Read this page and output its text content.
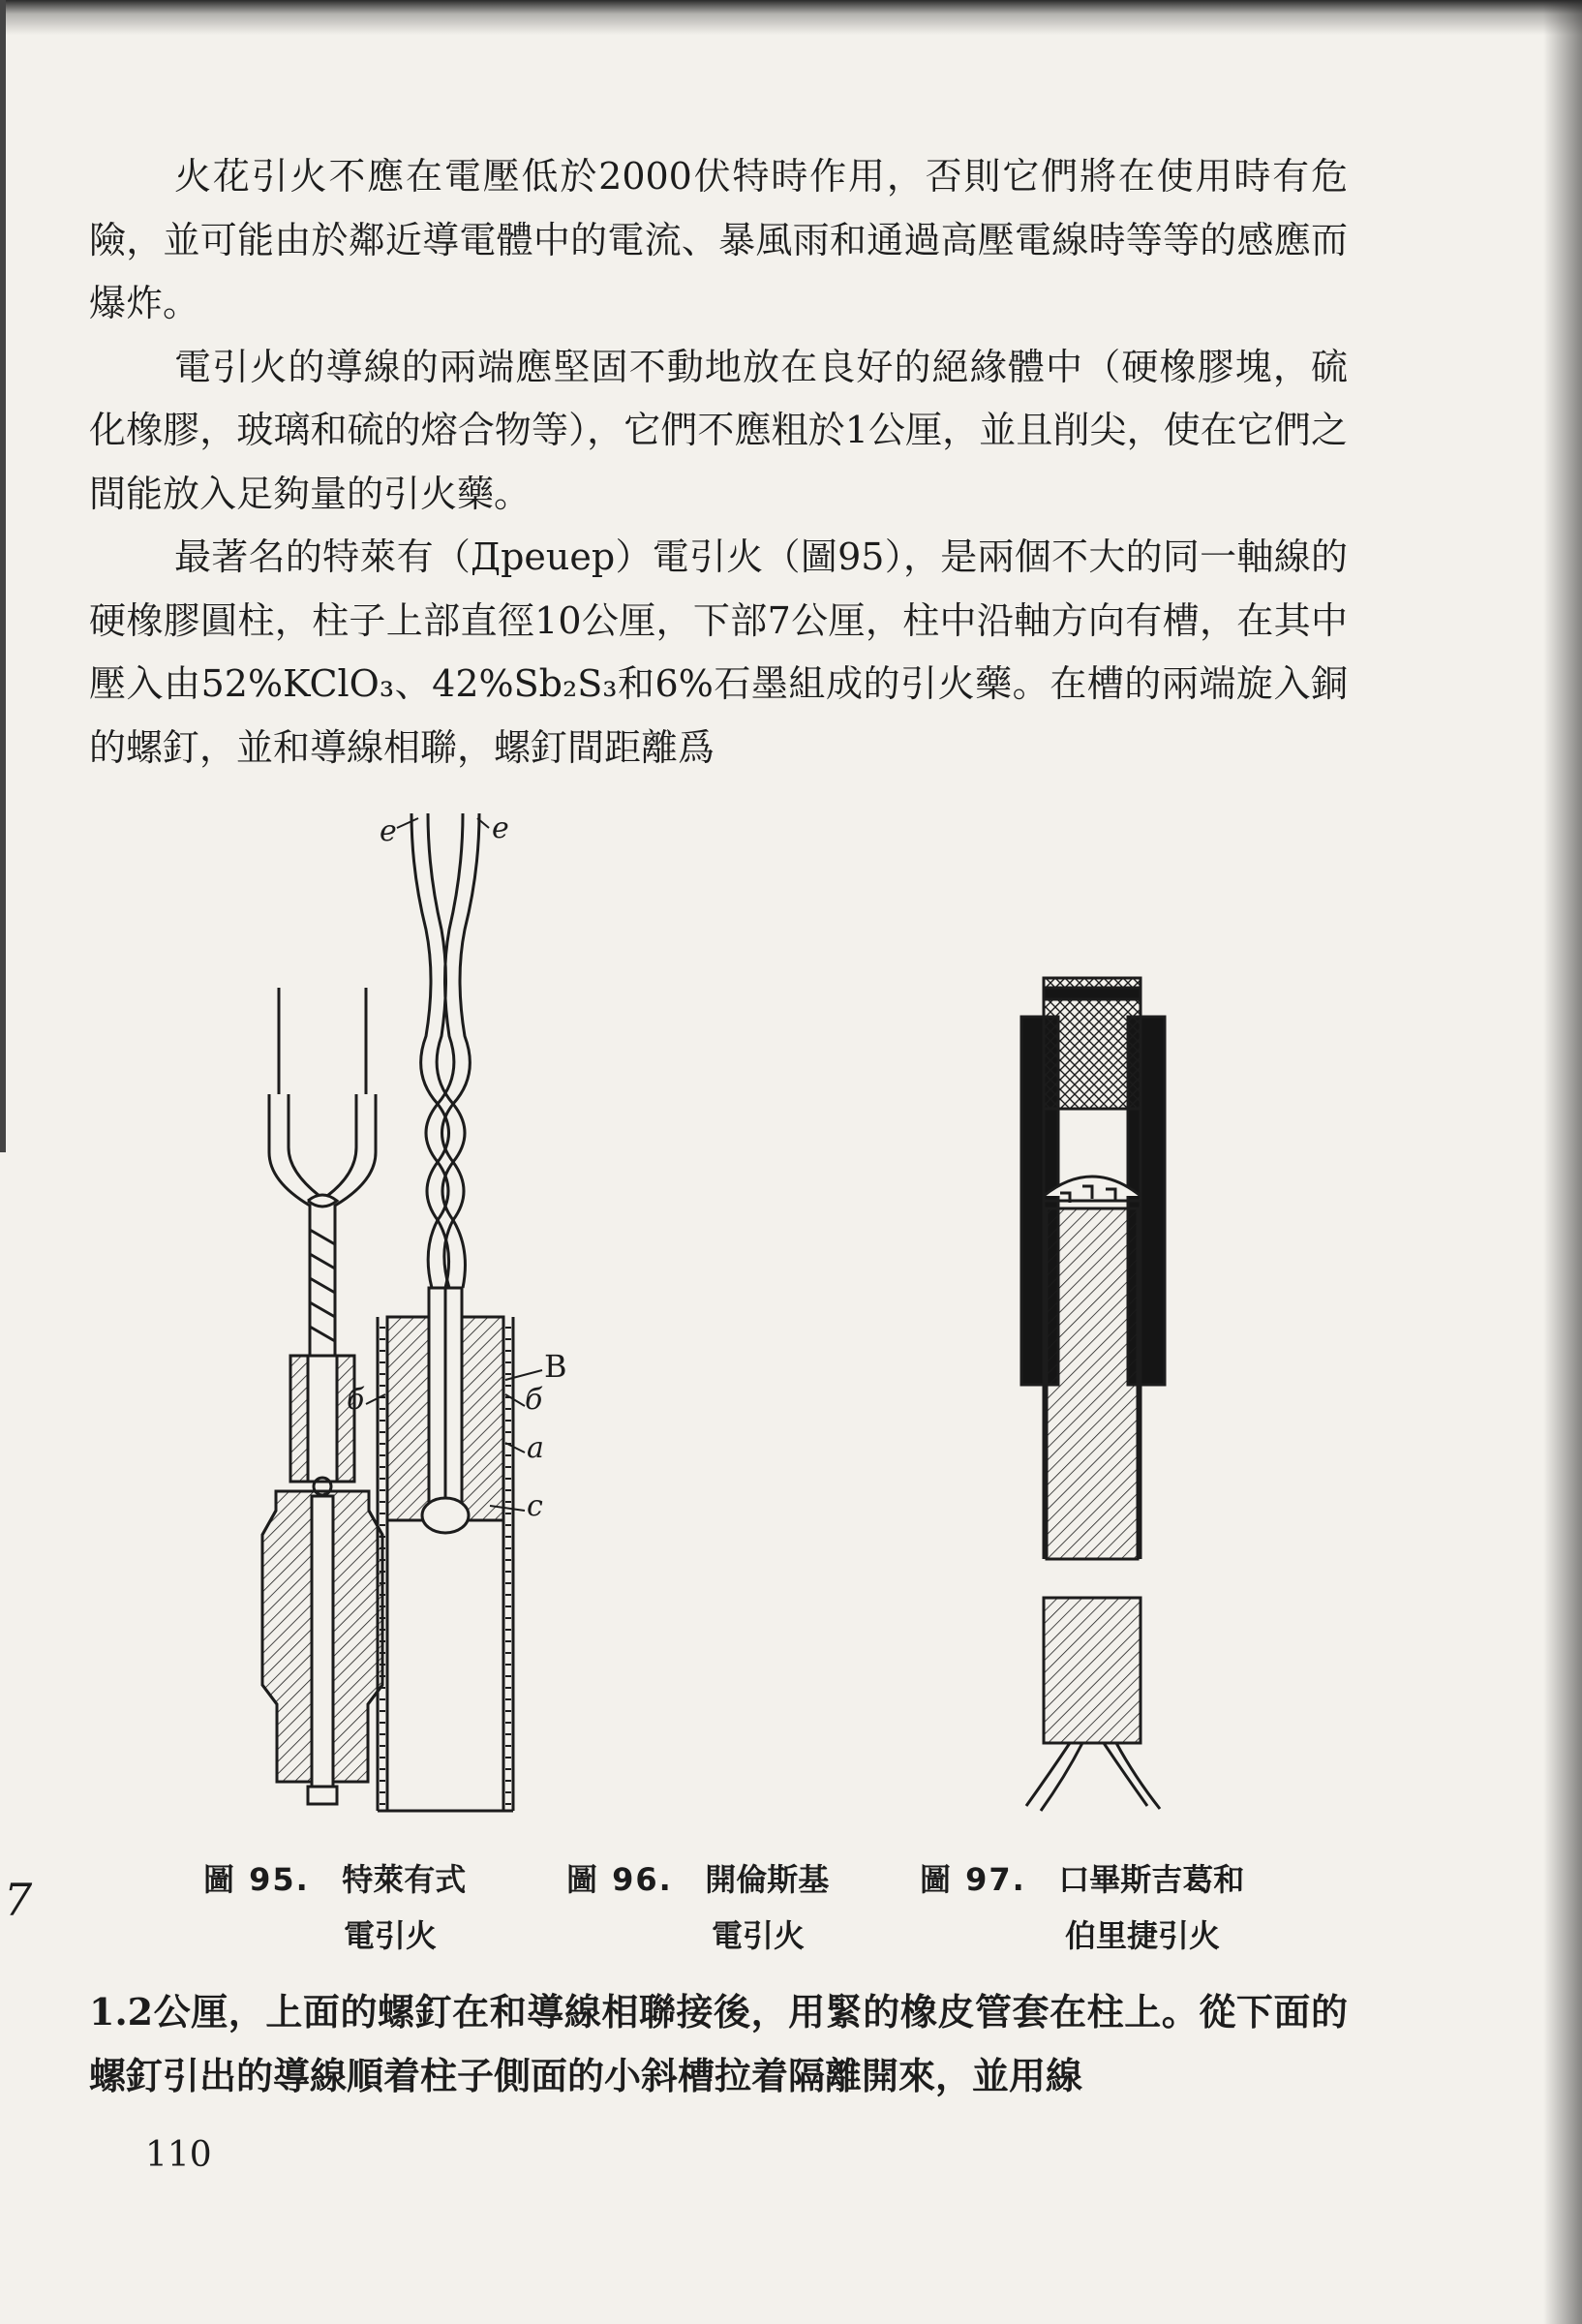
火花引火不應在電壓低於2000伏特時作用，否則它們將在使用時有危險，並可能由於鄰近導電體中的電流、暴風雨和通過高壓電線時等等的感應而爆炸。

電引火的導線的兩端應堅固不動地放在良好的絕緣體中（硬橡膠塊，硫化橡膠，玻璃和硫的熔合物等），它們不應粗於1公厘，並且削尖，使在它們之間能放入足夠量的引火藥。

最著名的特萊有（Дреuер）電引火（圖95），是兩個不大的同一軸線的硬橡膠圓柱，柱子上部直徑10公厘，下部7公厘，柱中沿軸方向有槽，在其中壓入由52%KClO₃、42%Sb₂S₃和6%石墨組成的引火藥。在槽的兩端旋入銅的螺釘，並和導線相聯，螺釘間距離爲

e	e
б	б
B
a
c
圖 95. 特萊有式
電引火
圖 96. 開倫斯基
電引火
圖 97. 口畢斯吉葛和
伯里捷引火
7

1.2公厘，上面的螺釘在和導線相聯接後，用緊的橡皮管套在柱上。從下面的螺釘引出的導線順着柱子側面的小斜槽拉着隔離開來，並用線

110
